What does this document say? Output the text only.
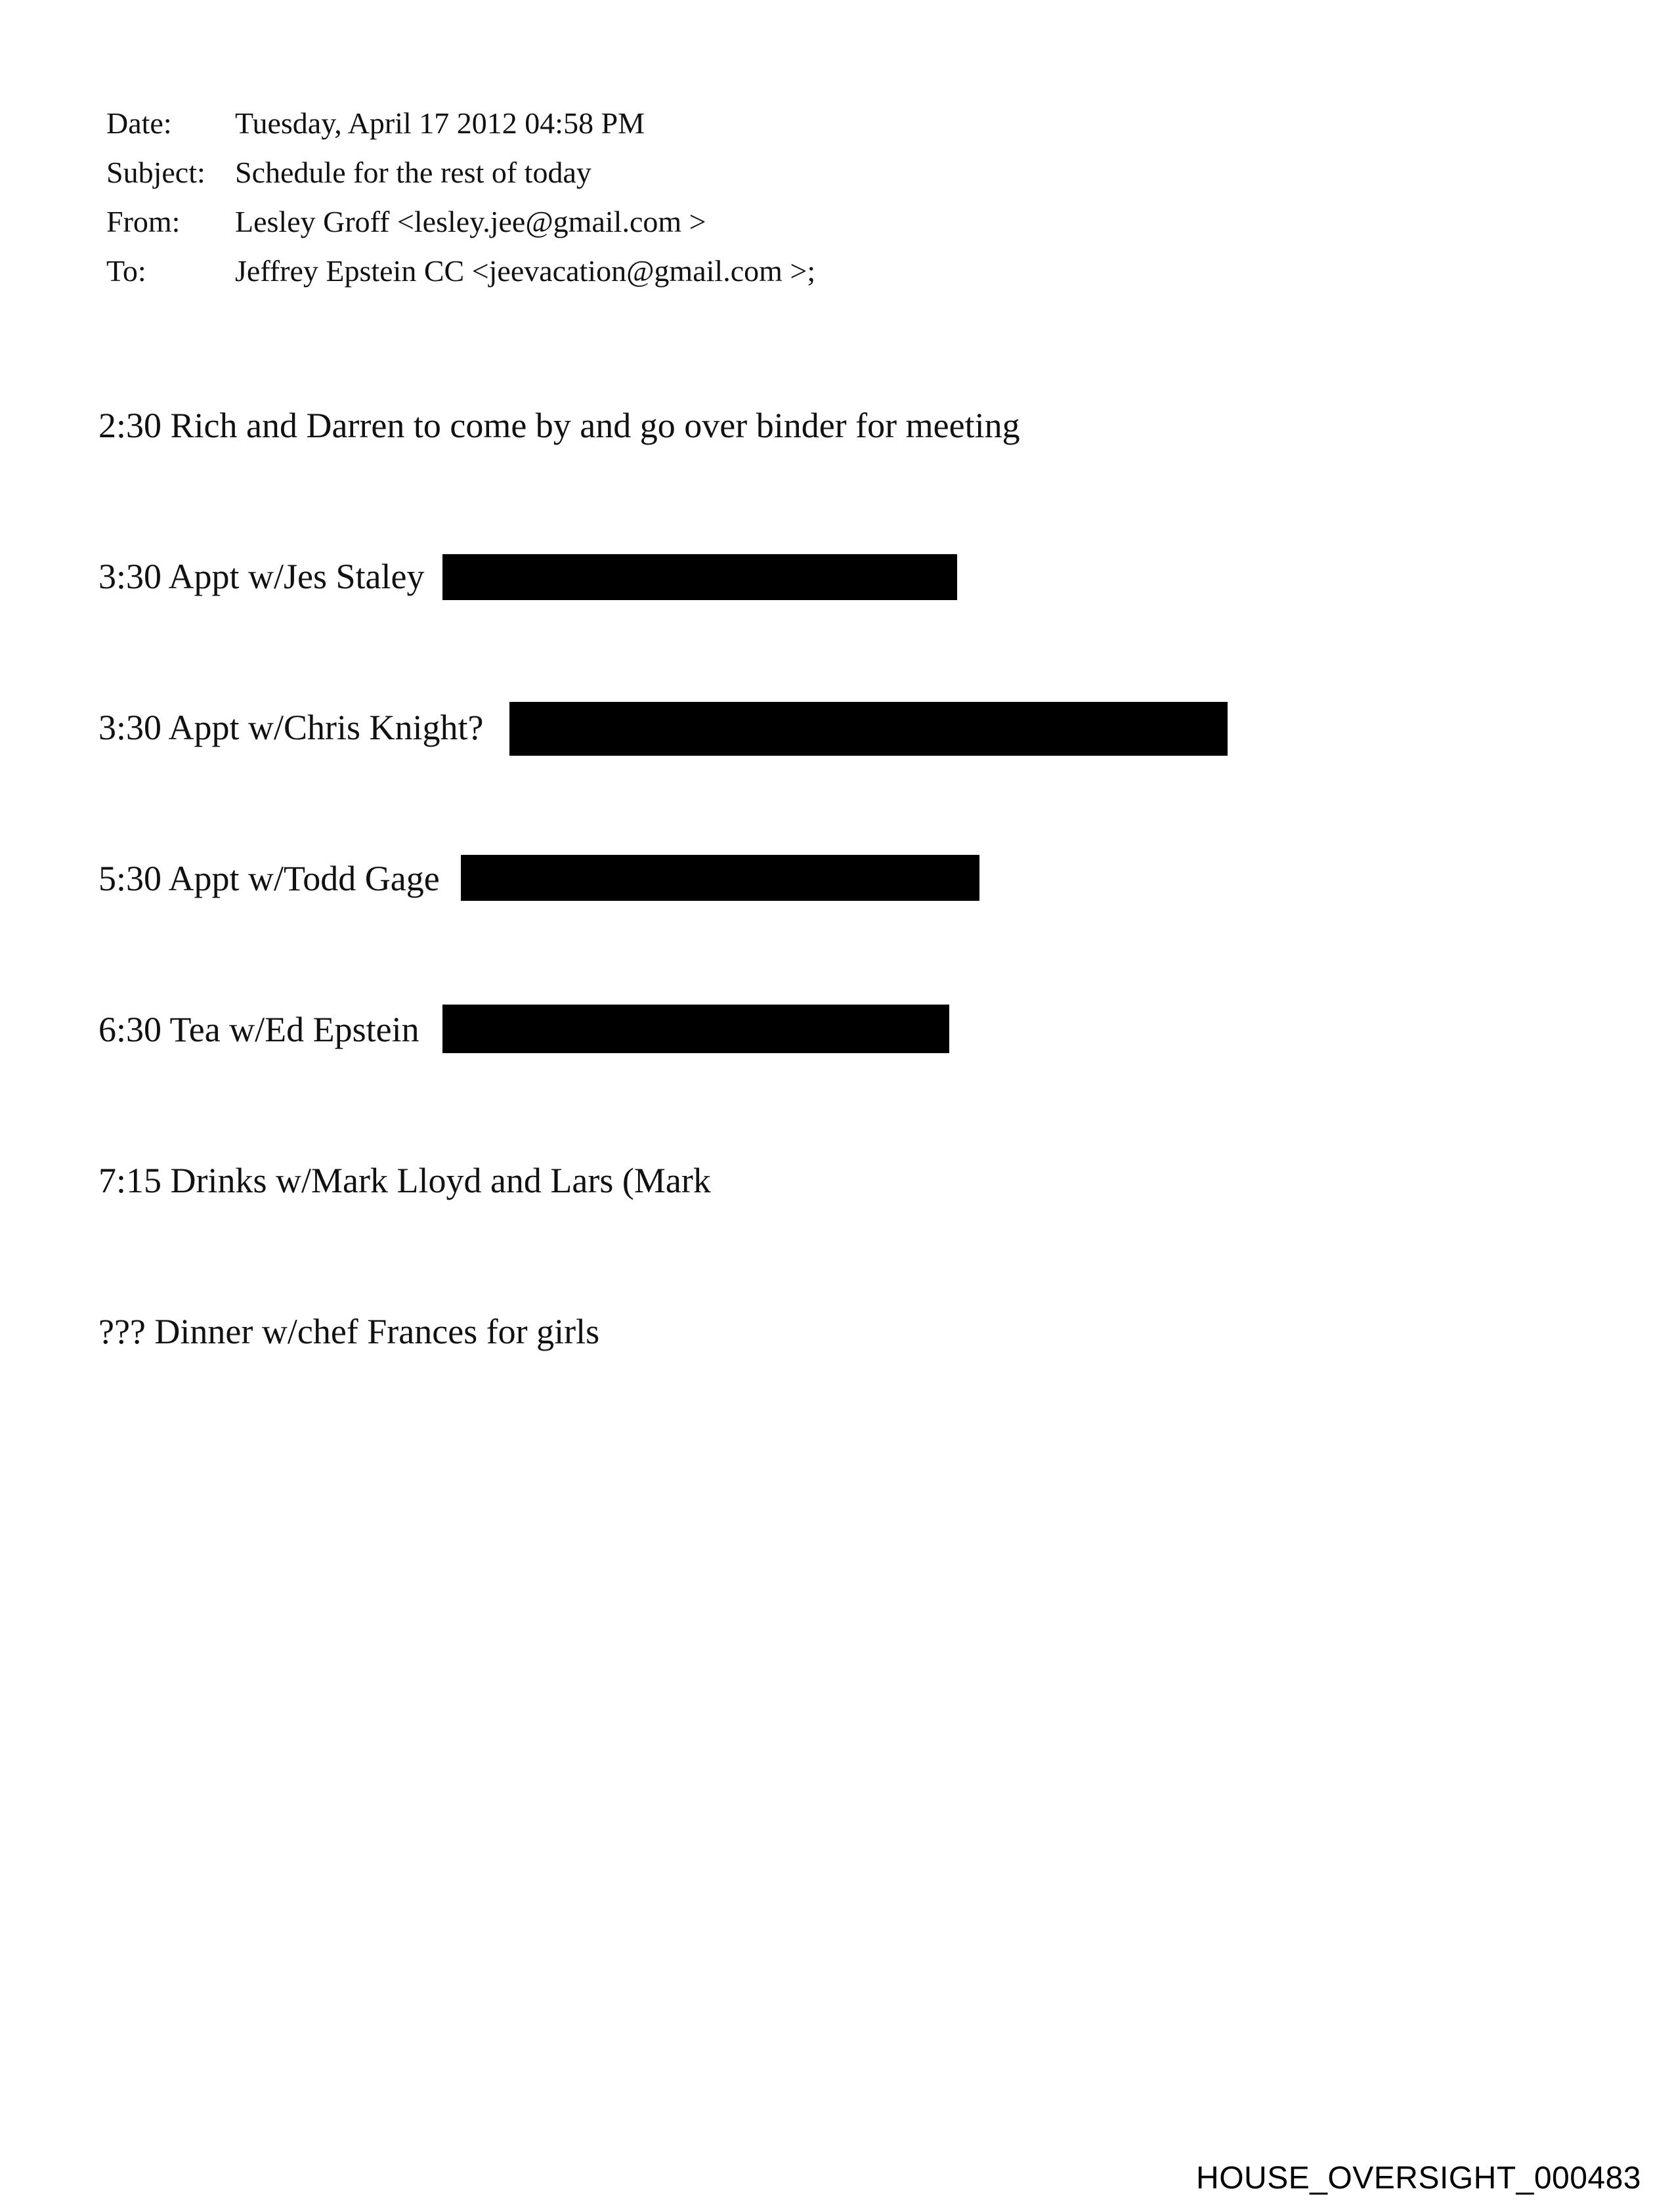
Date:	Tuesday, April 17 2012 04:58 PM
Subject: Schedule for the rest of today
From:	Lesley Groff <lesley.jee@gmail.com >
To:	Jeffrey Epstein CC <jeevacation@gmail.com >;
2:30 Rich and Darren to come by and go over binder for meeting
3:30 Appt w/Jes Staley
3:30 Appt w/Chris Knight?
5:30 Appt w/Todd Gage
6:30 Tea w/Ed Epstein
7:15 Drinks w/Mark Lloyd and Lars (Mark
??? Dinner w/chef Frances for girls
HOUSE_OVERSIGHT_000483
